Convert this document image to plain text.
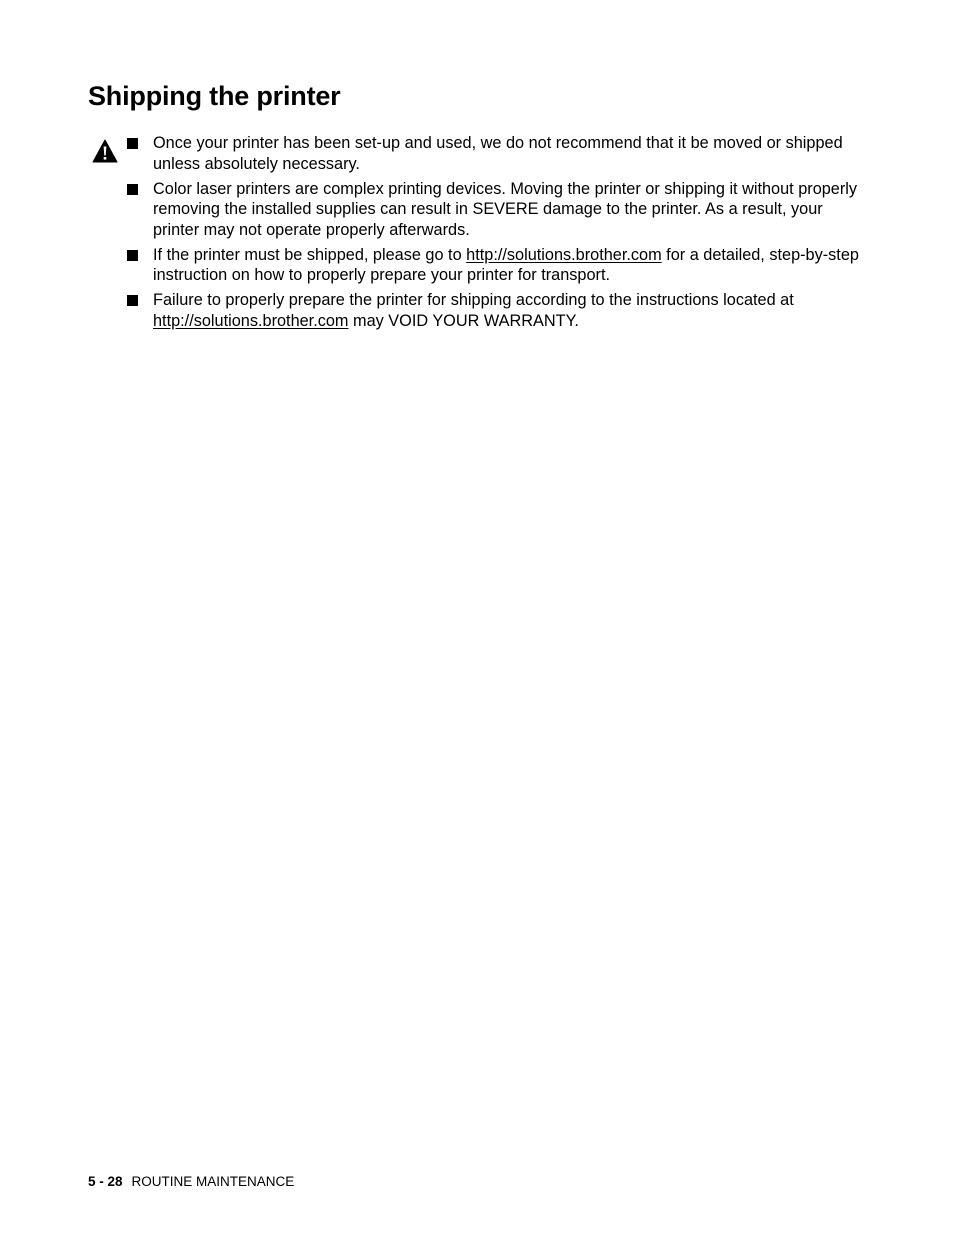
Shipping the printer
Once your printer has been set-up and used, we do not recommend that it be moved or shipped unless absolutely necessary.
Color laser printers are complex printing devices. Moving the printer or shipping it without properly removing the installed supplies can result in SEVERE damage to the printer. As a result, your printer may not operate properly afterwards.
If the printer must be shipped, please go to http://solutions.brother.com for a detailed, step-by-step instruction on how to properly prepare your printer for transport.
Failure to properly prepare the printer for shipping according to the instructions located at http://solutions.brother.com may VOID YOUR WARRANTY.
5 - 28 ROUTINE MAINTENANCE
